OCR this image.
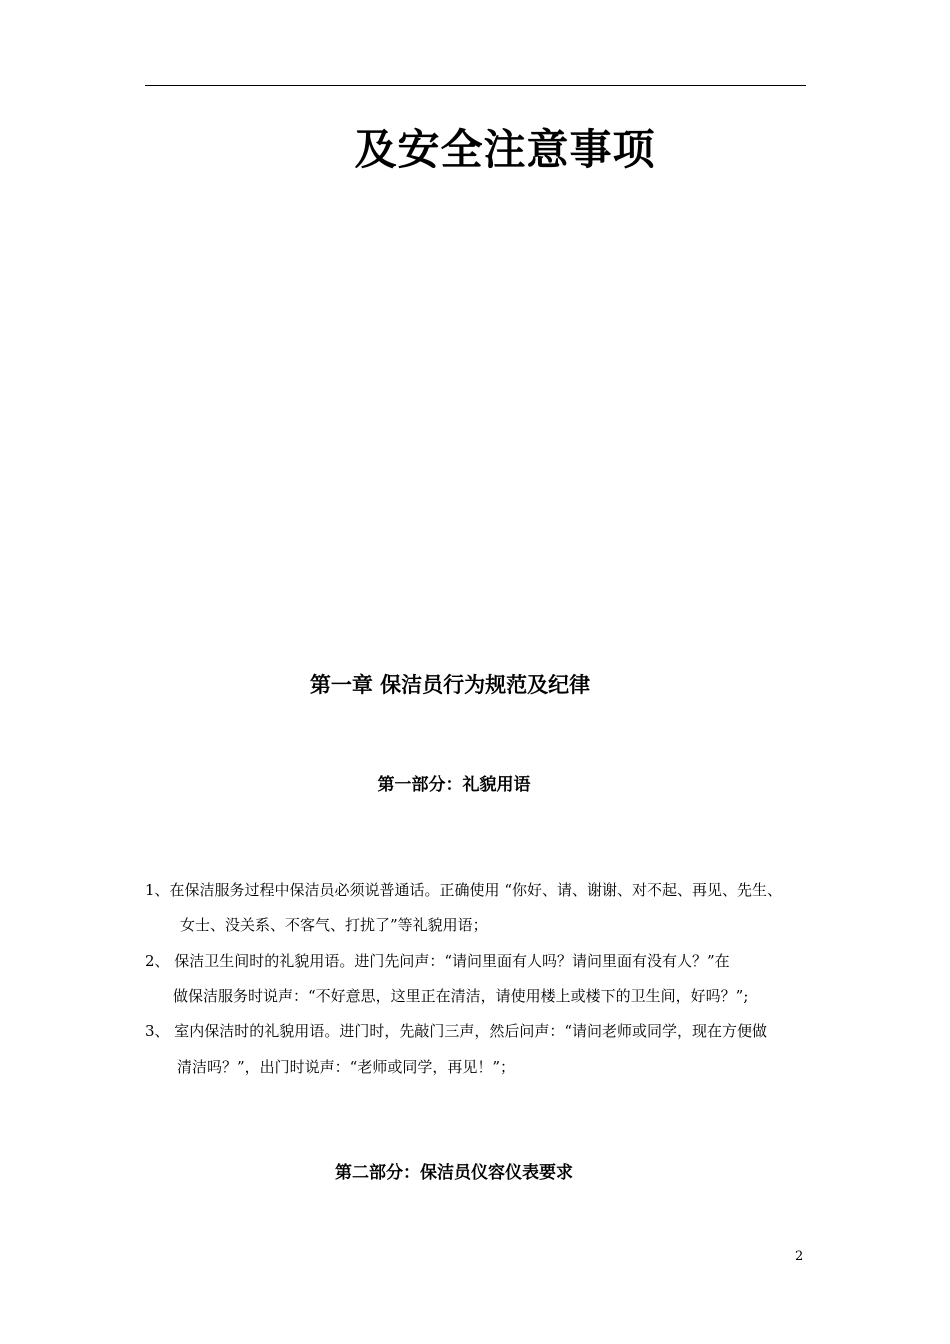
及安全注意事项
第一章 保洁员行为规范及纪律
第一部分：礼貌用语
1、在保洁服务过程中保洁员必须说普通话。正确使用 “你好、请、谢谢、对不起、再见、先生、
女士、没关系、不客气、打扰了”等礼貌用语；
2、 保洁卫生间时的礼貌用语。进门先问声：“请问里面有人吗？请问里面有没有人？”在
做保洁服务时说声：“不好意思，这里正在清洁，请使用楼上或楼下的卫生间，好吗？”;
3、 室内保洁时的礼貌用语。进门时，先敲门三声，然后问声：“请问老师或同学，现在方便做
清洁吗？”，出门时说声：“老师或同学，再见！”；
第二部分：保洁员仪容仪表要求
2
